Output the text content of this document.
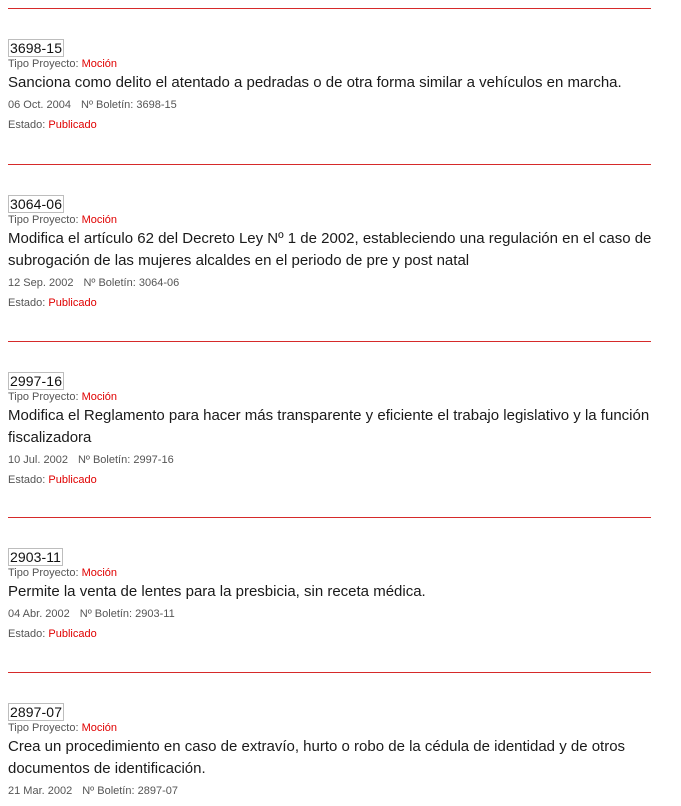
3698-15
Tipo Proyecto: Moción
Sanciona como delito el atentado a pedradas o de otra forma similar a vehículos en marcha.
06 Oct. 2004 Nº Boletín: 3698-15
Estado: Publicado
3064-06
Tipo Proyecto: Moción
Modifica el artículo 62 del Decreto Ley Nº 1 de 2002, estableciendo una regulación en el caso de subrogación de las mujeres alcaldes en el periodo de pre y post natal
12 Sep. 2002 Nº Boletín: 3064-06
Estado: Publicado
2997-16
Tipo Proyecto: Moción
Modifica el Reglamento para hacer más transparente y eficiente el trabajo legislativo y la función fiscalizadora
10 Jul. 2002 Nº Boletín: 2997-16
Estado: Publicado
2903-11
Tipo Proyecto: Moción
Permite la venta de lentes para la presbicia, sin receta médica.
04 Abr. 2002 Nº Boletín: 2903-11
Estado: Publicado
2897-07
Tipo Proyecto: Moción
Crea un procedimiento en caso de extravío, hurto o robo de la cédula de identidad y de otros documentos de identificación.
21 Mar. 2002 Nº Boletín: 2897-07
